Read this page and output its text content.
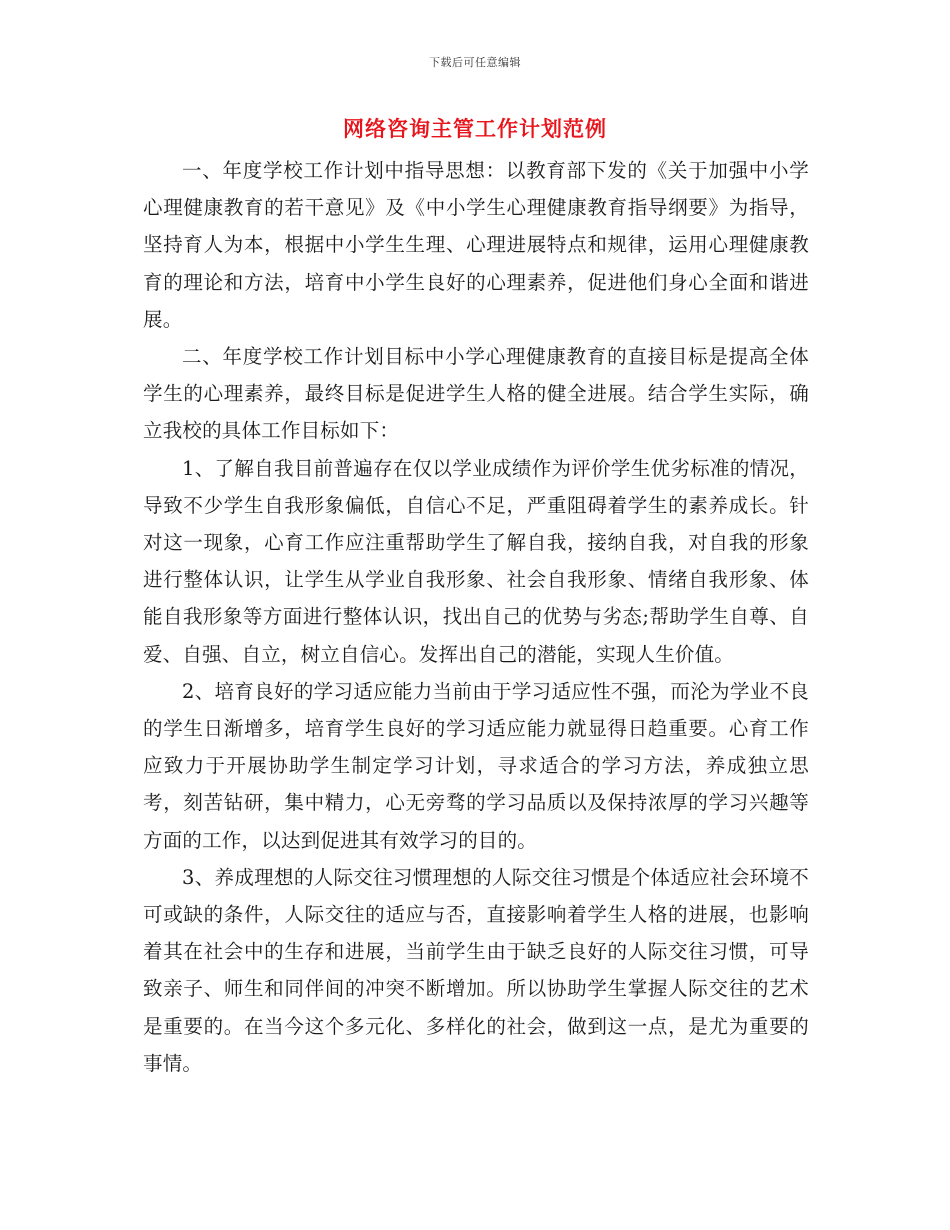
下载后可任意编辑
网络咨询主管工作计划范例

一、年度学校工作计划中指导思想：以教育部下发的《关于加强中小学心理健康教育的若干意见》及《中小学生心理健康教育指导纲要》为指导，坚持育人为本，根据中小学生生理、心理进展特点和规律，运用心理健康教育的理论和方法，培育中小学生良好的心理素养，促进他们身心全面和谐进展。

二、年度学校工作计划目标中小学心理健康教育的直接目标是提高全体学生的心理素养，最终目标是促进学生人格的健全进展。结合学生实际，确立我校的具体工作目标如下：

1、了解自我目前普遍存在仅以学业成绩作为评价学生优劣标准的情况，导致不少学生自我形象偏低，自信心不足，严重阻碍着学生的素养成长。针对这一现象，心育工作应注重帮助学生了解自我，接纳自我，对自我的形象进行整体认识，让学生从学业自我形象、社会自我形象、情绪自我形象、体能自我形象等方面进行整体认识，找出自己的优势与劣态;帮助学生自尊、自爱、自强、自立，树立自信心。发挥出自己的潜能，实现人生价值。

2、培育良好的学习适应能力当前由于学习适应性不强，而沦为学业不良的学生日渐增多，培育学生良好的学习适应能力就显得日趋重要。心育工作应致力于开展协助学生制定学习计划，寻求适合的学习方法，养成独立思考，刻苦钻研，集中精力，心无旁骛的学习品质以及保持浓厚的学习兴趣等方面的工作，以达到促进其有效学习的目的。

3、养成理想的人际交往习惯理想的人际交往习惯是个体适应社会环境不可或缺的条件，人际交往的适应与否，直接影响着学生人格的进展，也影响着其在社会中的生存和进展，当前学生由于缺乏良好的人际交往习惯，可导致亲子、师生和同伴间的冲突不断增加。所以协助学生掌握人际交往的艺术是重要的。在当今这个多元化、多样化的社会，做到这一点，是尤为重要的事情。
